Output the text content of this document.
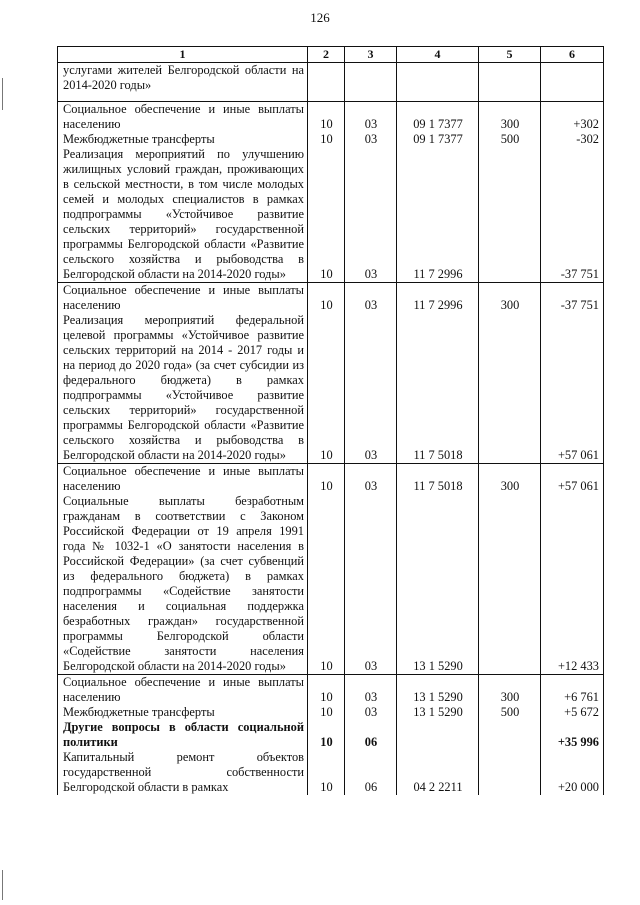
126
1	2	3	4	5	6
услугами жителей Белгородской области на 2014-2020 годы»					
Социальное обеспечение и иные выплаты населению	10	03	09 1 7377	300	+302
Межбюджетные трансферты	10	03	09 1 7377	500	-302
Реализация мероприятий по улучшению жилищных условий граждан, проживающих в сельской местности, в том числе молодых семей и молодых специалистов в рамках подпрограммы «Устойчивое развитие сельских территорий» государственной программы Белгородской области «Развитие сельского хозяйства и рыбоводства в Белгородской области на 2014-2020 годы»	10	03	11 7 2996		-37 751
Социальное обеспечение и иные выплаты населению	10	03	11 7 2996	300	-37 751
Реализация мероприятий федеральной целевой программы «Устойчивое развитие сельских территорий на 2014 - 2017 годы и на период до 2020 года» (за счет субсидии из федерального бюджета) в рамках подпрограммы «Устойчивое развитие сельских территорий» государственной программы Белгородской области «Развитие сельского хозяйства и рыбоводства в Белгородской области на 2014-2020 годы»	10	03	11 7 5018		+57 061
Социальное обеспечение и иные выплаты населению	10	03	11 7 5018	300	+57 061
Социальные выплаты безработным гражданам в соответствии с Законом Российской Федерации от 19 апреля 1991 года № 1032-1 «О занятости населения в Российской Федерации» (за счет субвенций из федерального бюджета) в рамках подпрограммы «Содействие занятости населения и социальная поддержка безработных граждан» государственной программы Белгородской области «Содействие занятости населения Белгородской области на 2014-2020 годы»	10	03	13 1 5290		+12 433
Социальное обеспечение и иные выплаты населению	10	03	13 1 5290	300	+6 761
Межбюджетные трансферты	10	03	13 1 5290	500	+5 672
Другие вопросы в области социальной политики	10	06			+35 996
Капитальный ремонт объектов государственной собственности Белгородской области в рамках	10	06	04 2 2211		+20 000
